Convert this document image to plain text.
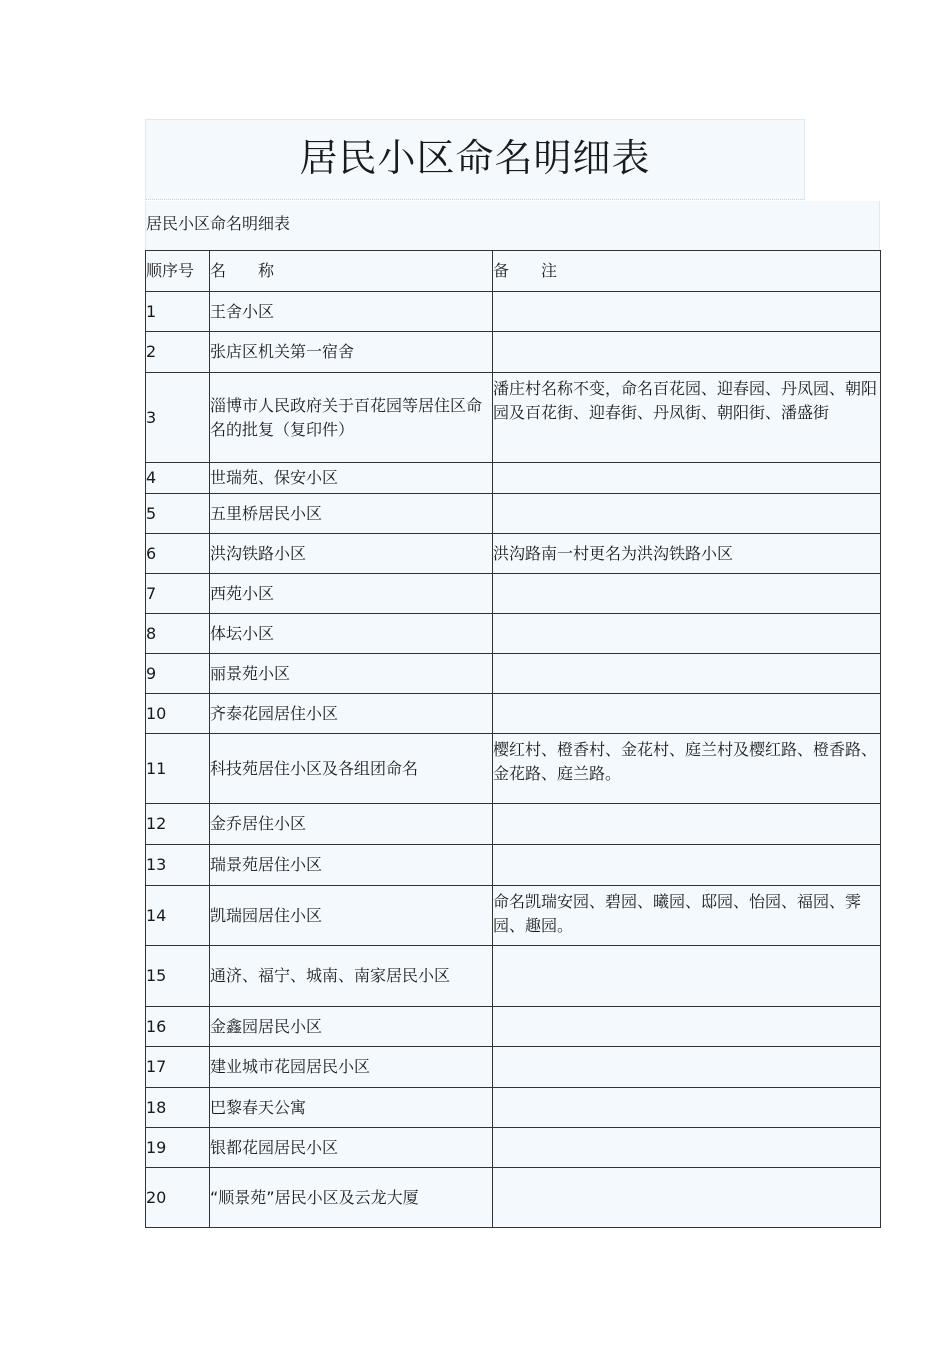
居民小区命名明细表
居民小区命名明细表
顺序号	名　　称	备　　注
1	王舍小区	
2	张店区机关第一宿舍	
3	淄博市人民政府关于百花园等居住区命名的批复（复印件）	潘庄村名称不变，命名百花园、迎春园、丹凤园、朝阳园及百花街、迎春街、丹凤街、朝阳街、潘盛街
4	世瑞苑、保安小区	
5	五里桥居民小区	
6	洪沟铁路小区	洪沟路南一村更名为洪沟铁路小区
7	西苑小区	
8	体坛小区	
9	丽景苑小区	
10	齐泰花园居住小区	
11	科技苑居住小区及各组团命名	樱红村、橙香村、金花村、庭兰村及樱红路、橙香路、金花路、庭兰路。
12	金乔居住小区	
13	瑞景苑居住小区	
14	凯瑞园居住小区	命名凯瑞安园、碧园、曦园、邸园、怡园、福园、霁园、趣园。
15	通济、福宁、城南、南家居民小区	
16	金鑫园居民小区	
17	建业城市花园居民小区	
18	巴黎春天公寓	
19	银都花园居民小区	
20	“顺景苑”居民小区及云龙大厦	
